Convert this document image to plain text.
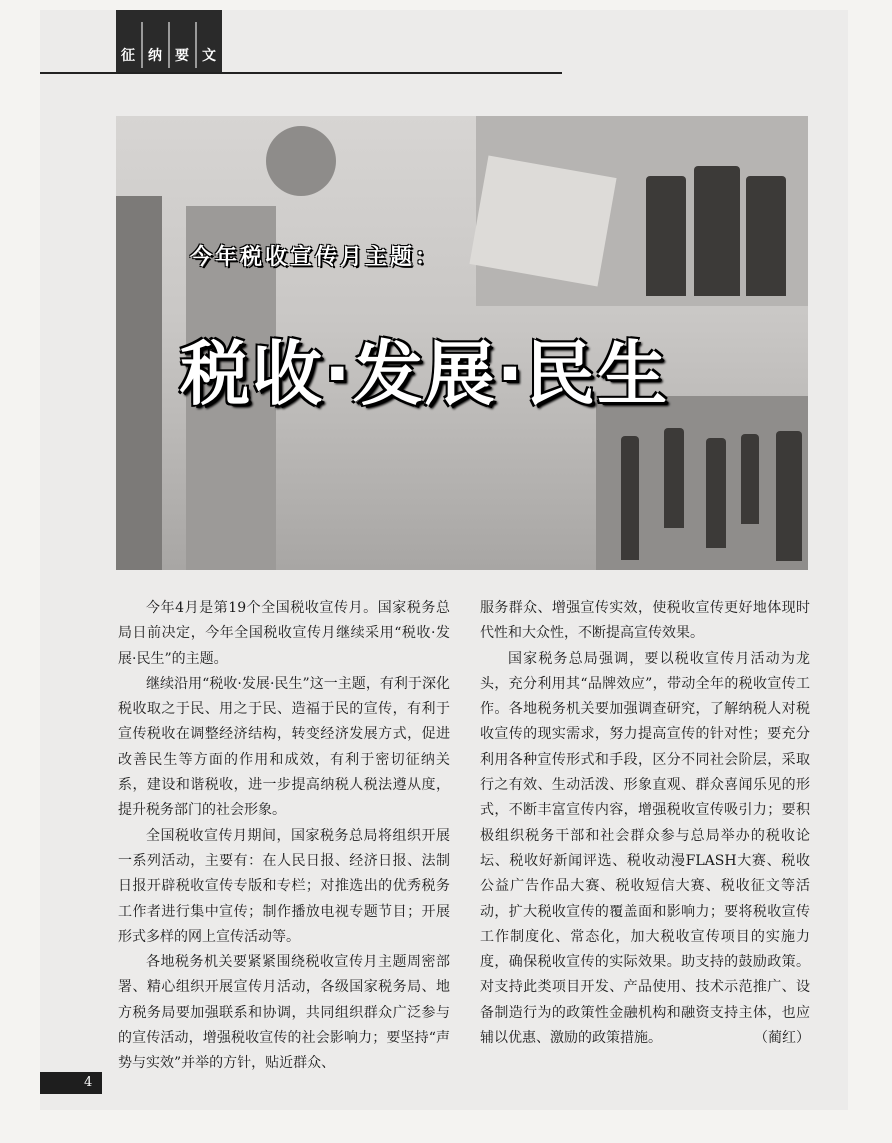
征 纳 要 文
今年税收宣传月主题：
税收·发展·民生

今年4月是第19个全国税收宣传月。国家税务总局日前决定，今年全国税收宣传月继续采用“税收·发展·民生”的主题。

继续沿用“税收·发展·民生”这一主题，有利于深化税收取之于民、用之于民、造福于民的宣传，有利于宣传税收在调整经济结构，转变经济发展方式，促进改善民生等方面的作用和成效，有利于密切征纳关系，建设和谐税收，进一步提高纳税人税法遵从度，提升税务部门的社会形象。

全国税收宣传月期间，国家税务总局将组织开展一系列活动，主要有：在人民日报、经济日报、法制日报开辟税收宣传专版和专栏；对推选出的优秀税务工作者进行集中宣传；制作播放电视专题节目；开展形式多样的网上宣传活动等。

各地税务机关要紧紧围绕税收宣传月主题周密部署、精心组织开展宣传月活动，各级国家税务局、地方税务局要加强联系和协调，共同组织群众广泛参与的宣传活动，增强税收宣传的社会影响力；要坚持“声势与实效”并举的方针，贴近群众、

服务群众、增强宣传实效，使税收宣传更好地体现时代性和大众性，不断提高宣传效果。

国家税务总局强调，要以税收宣传月活动为龙头，充分利用其“品牌效应”，带动全年的税收宣传工作。各地税务机关要加强调查研究，了解纳税人对税收宣传的现实需求，努力提高宣传的针对性；要充分利用各种宣传形式和手段，区分不同社会阶层，采取行之有效、生动活泼、形象直观、群众喜闻乐见的形式，不断丰富宣传内容，增强税收宣传吸引力；要积极组织税务干部和社会群众参与总局举办的税收论坛、税收好新闻评选、税收动漫FLASH大赛、税收公益广告作品大赛、税收短信大赛、税收征文等活动，扩大税收宣传的覆盖面和影响力；要将税收宣传工作制度化、常态化，加大税收宣传项目的实施力度，确保税收宣传的实际效果。助支持的鼓励政策。对支持此类项目开发、产品使用、技术示范推广、设备制造行为的政策性金融机构和融资支持主体，也应辅以优惠、激励的政策措施。	（蔺红）

4
